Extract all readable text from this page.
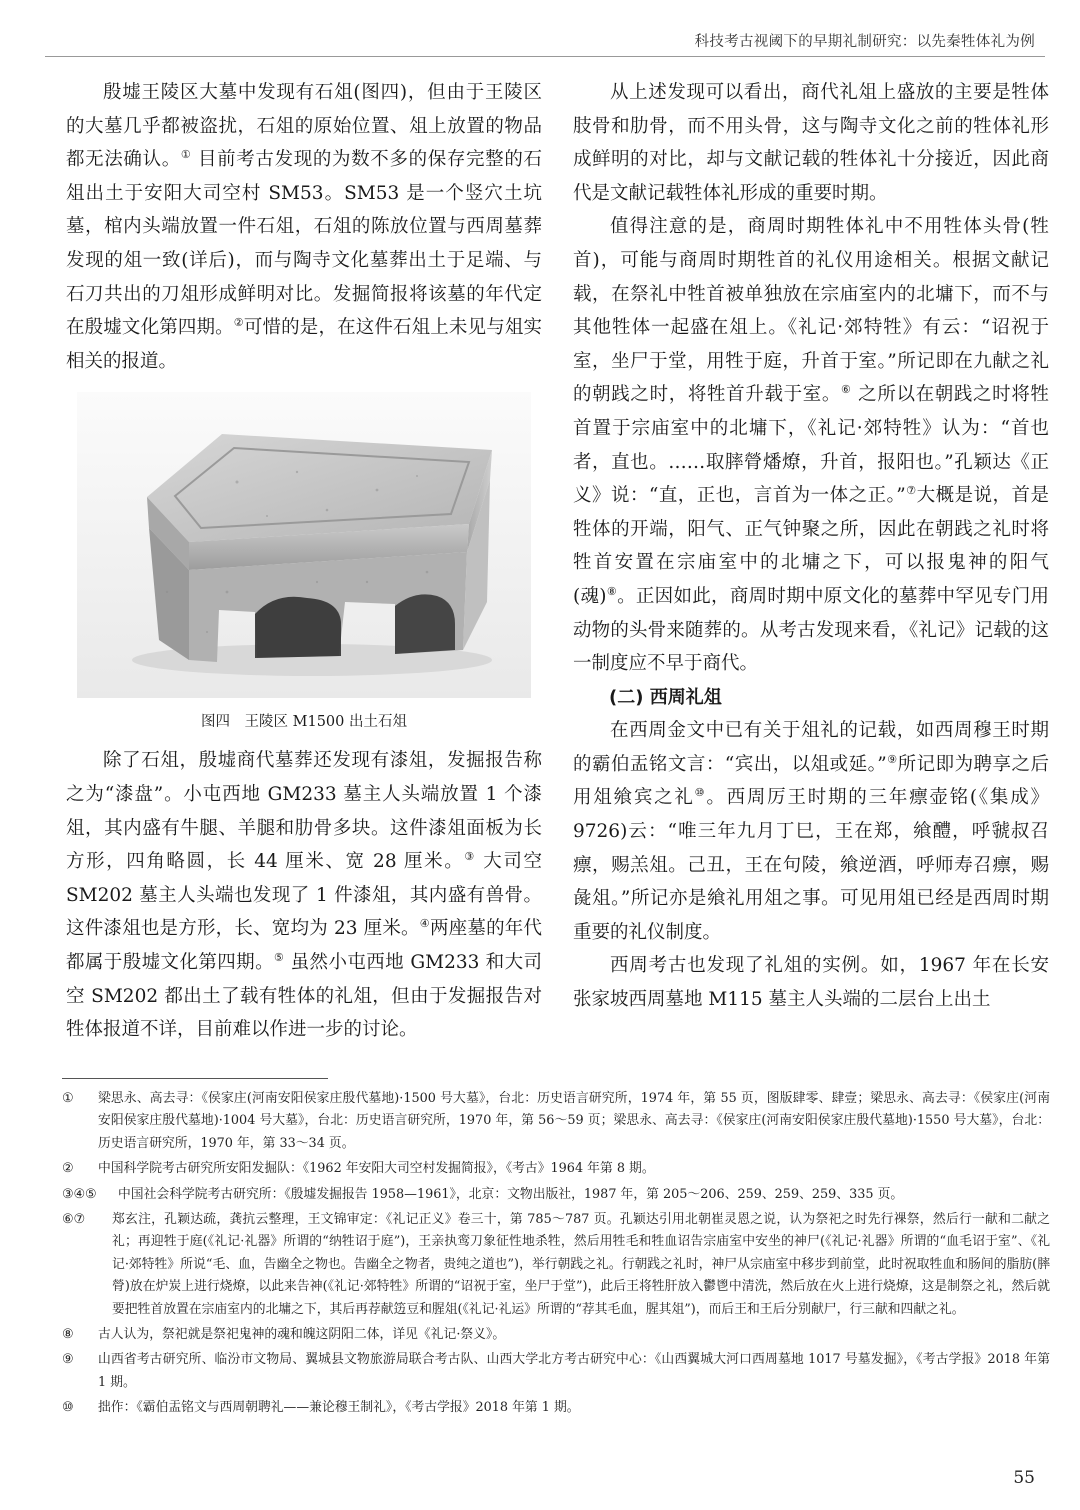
科技考古视阈下的早期礼制研究：以先秦牲体礼为例

殷墟王陵区大墓中发现有石俎(图四)，但由于王陵区的大墓几乎都被盗扰，石俎的原始位置、俎上放置的物品都无法确认。① 目前考古发现的为数不多的保存完整的石俎出土于安阳大司空村 SM53。SM53 是一个竖穴土坑墓，棺内头端放置一件石俎，石俎的陈放位置与西周墓葬发现的俎一致(详后)，而与陶寺文化墓葬出土于足端、与石刀共出的刀俎形成鲜明对比。发掘简报将该墓的年代定在殷墟文化第四期。②可惜的是，在这件石俎上未见与俎实相关的报道。

图四　王陵区 M1500 出土石俎

除了石俎，殷墟商代墓葬还发现有漆俎，发掘报告称之为“漆盘”。小屯西地 GM233 墓主人头端放置 1 个漆俎，其内盛有牛腿、羊腿和肋骨多块。这件漆俎面板为长方形，四角略圆，长 44 厘米、宽 28 厘米。③ 大司空 SM202 墓主人头端也发现了 1 件漆俎，其内盛有兽骨。这件漆俎也是方形，长、宽均为 23 厘米。④两座墓的年代都属于殷墟文化第四期。⑤ 虽然小屯西地 GM233 和大司空 SM202 都出土了载有牲体的礼俎，但由于发掘报告对牲体报道不详，目前难以作进一步的讨论。

从上述发现可以看出，商代礼俎上盛放的主要是牲体肢骨和肋骨，而不用头骨，这与陶寺文化之前的牲体礼形成鲜明的对比，却与文献记载的牲体礼十分接近，因此商代是文献记载牲体礼形成的重要时期。

值得注意的是，商周时期牲体礼中不用牲体头骨(牲首)，可能与商周时期牲首的礼仪用途相关。根据文献记载，在祭礼中牲首被单独放在宗庙室内的北墉下，而不与其他牲体一起盛在俎上。《礼记·郊特牲》有云：“诏祝于室，坐尸于堂，用牲于庭，升首于室。”所记即在九献之礼的朝践之时，将牲首升载于室。⑥ 之所以在朝践之时将牲首置于宗庙室中的北墉下，《礼记·郊特牲》认为：“首也者，直也。……取膟膋燔燎，升首，报阳也。”孔颖达《正义》说：“直，正也，言首为一体之正。”⑦大概是说，首是牲体的开端，阳气、正气钟聚之所，因此在朝践之礼时将牲首安置在宗庙室中的北墉之下，可以报鬼神的阳气(魂)⑧。正因如此，商周时期中原文化的墓葬中罕见专门用动物的头骨来随葬的。从考古发现来看，《礼记》记载的这一制度应不早于商代。

(二) 西周礼俎

在西周金文中已有关于俎礼的记载，如西周穆王时期的霸伯盂铭文言：“宾出，以俎或延。”⑨所记即为聘享之后用俎飨宾之礼⑩。西周厉王时期的三年瘭壶铭(《集成》9726)云：“唯三年九月丁巳，王在郑，飨醴，呼虢叔召瘭，赐羔俎。己丑，王在句陵，飨逆酒，呼师寿召瘭，赐彘俎。”所记亦是飨礼用俎之事。可见用俎已经是西周时期重要的礼仪制度。

西周考古也发现了礼俎的实例。如，1967 年在长安张家坡西周墓地 M115 墓主人头端的二层台上出土

①	梁思永、高去寻：《侯家庄(河南安阳侯家庄殷代墓地)·1500 号大墓》，台北：历史语言研究所，1974 年，第 55 页，图版肆零、肆壹；梁思永、高去寻：《侯家庄(河南安阳侯家庄殷代墓地)·1004 号大墓》，台北：历史语言研究所，1970 年，第 56～59 页；梁思永、高去寻：《侯家庄(河南安阳侯家庄殷代墓地)·1550 号大墓》，台北：历史语言研究所，1970 年，第 33～34 页。
②	中国科学院考古研究所安阳发掘队：《1962 年安阳大司空村发掘简报》，《考古》1964 年第 8 期。
③④⑤	中国社会科学院考古研究所：《殷墟发掘报告 1958—1961》，北京：文物出版社，1987 年，第 205～206、259、259、259、335 页。
⑥⑦	郑玄注，孔颖达疏，龚抗云整理，王文锦审定：《礼记正义》卷三十，第 785～787 页。孔颖达引用北朝崔灵恩之说，认为祭祀之时先行祼祭，然后行一献和二献之礼；再迎牲于庭(《礼记·礼器》所谓的“纳牲诏于庭”)，王亲执鸾刀象征性地杀牲，然后用牲毛和牲血诏告宗庙室中安坐的神尸(《礼记·礼器》所谓的“血毛诏于室”、《礼记·郊特牲》所说“毛、血，告幽全之物也。告幽全之物者，贵纯之道也”)，举行朝践之礼。行朝践之礼时，神尸从宗庙室中移步到前堂，此时祝取牲血和肠间的脂肪(膟膋)放在炉炭上进行烧燎，以此来告神(《礼记·郊特牲》所谓的“诏祝于室，坐尸于堂”)，此后王将牲肝放入鬱鬯中清洗，然后放在火上进行烧燎，这是制祭之礼，然后就要把牲首放置在宗庙室内的北墉之下，其后再荐献笾豆和腥俎(《礼记·礼运》所谓的“荐其毛血，腥其俎”)，而后王和王后分别献尸，行三献和四献之礼。
⑧	古人认为，祭祀就是祭祀鬼神的魂和魄这阴阳二体，详见《礼记·祭义》。
⑨	山西省考古研究所、临汾市文物局、翼城县文物旅游局联合考古队、山西大学北方考古研究中心：《山西翼城大河口西周墓地 1017 号墓发掘》，《考古学报》2018 年第 1 期。
⑩	拙作：《霸伯盂铭文与西周朝聘礼——兼论穆王制礼》，《考古学报》2018 年第 1 期。
55
